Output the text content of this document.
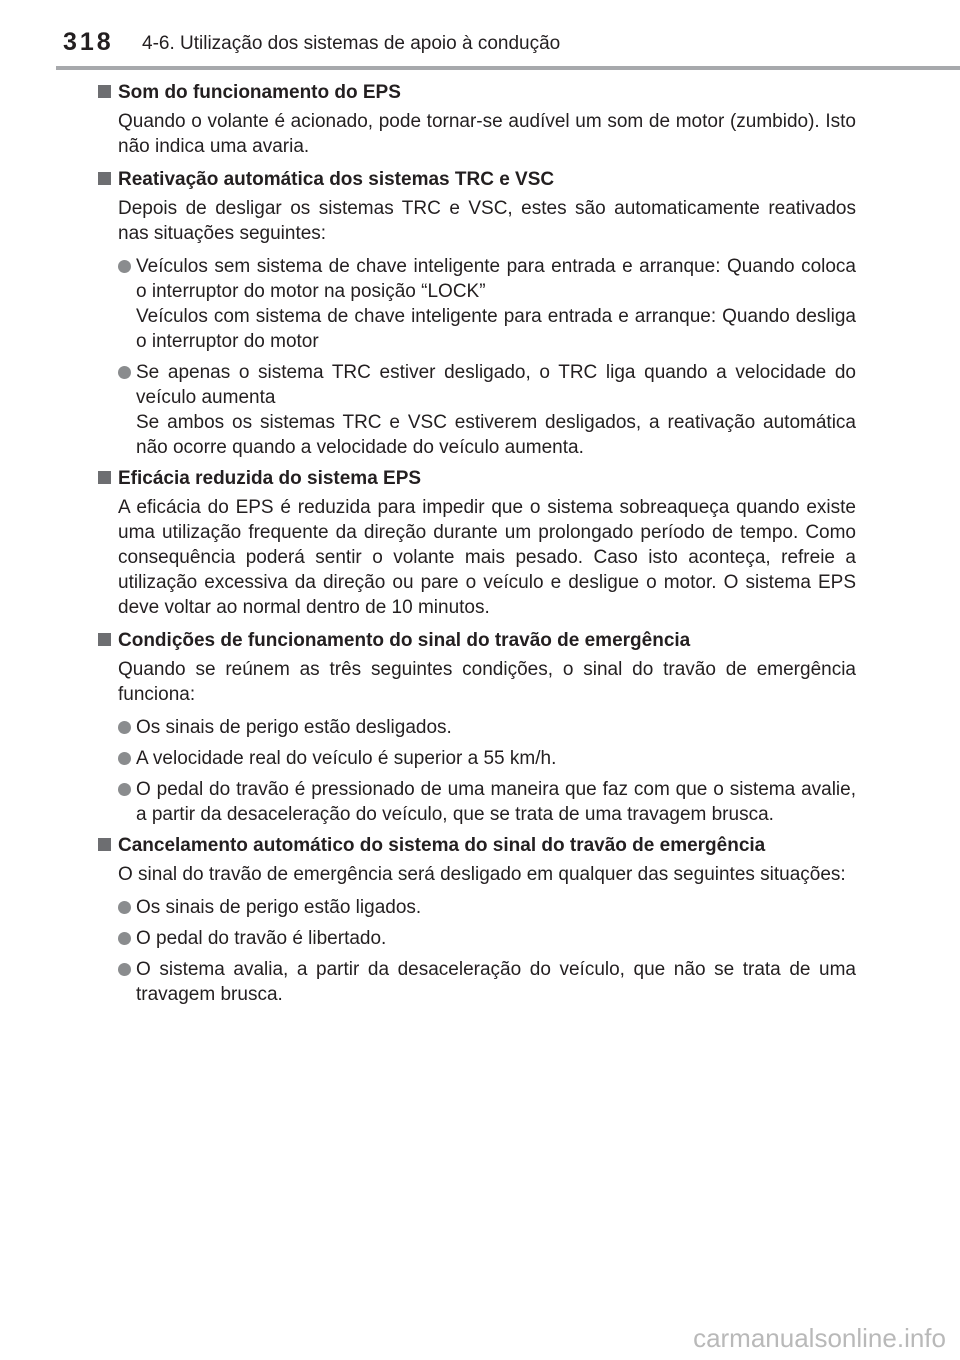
318 4-6. Utilização dos sistemas de apoio à condução
Som do funcionamento do EPS
Quando o volante é acionado, pode tornar-se audível um som de motor (zumbido). Isto não indica uma avaria.
Reativação automática dos sistemas TRC e VSC
Depois de desligar os sistemas TRC e VSC, estes são automaticamente reativados nas situações seguintes:
Veículos sem sistema de chave inteligente para entrada e arranque: Quando coloca o interruptor do motor na posição “LOCK”
Veículos com sistema de chave inteligente para entrada e arranque: Quando desliga o interruptor do motor
Se apenas o sistema TRC estiver desligado, o TRC liga quando a velocidade do veículo aumenta
Se ambos os sistemas TRC e VSC estiverem desligados, a reativação automática não ocorre quando a velocidade do veículo aumenta.
Eficácia reduzida do sistema EPS
A eficácia do EPS é reduzida para impedir que o sistema sobreaqueça quando existe uma utilização frequente da direção durante um prolongado período de tempo. Como consequência poderá sentir o volante mais pesado. Caso isto aconteça, refreie a utilização excessiva da direção ou pare o veículo e desligue o motor. O sistema EPS deve voltar ao normal dentro de 10 minutos.
Condições de funcionamento do sinal do travão de emergência
Quando se reúnem as três seguintes condições, o sinal do travão de emergência funciona:
Os sinais de perigo estão desligados.
A velocidade real do veículo é superior a 55 km/h.
O pedal do travão é pressionado de uma maneira que faz com que o sistema avalie, a partir da desaceleração do veículo, que se trata de uma travagem brusca.
Cancelamento automático do sistema do sinal do travão de emergência
O sinal do travão de emergência será desligado em qualquer das seguintes situações:
Os sinais de perigo estão ligados.
O pedal do travão é libertado.
O sistema avalia, a partir da desaceleração do veículo, que não se trata de uma travagem brusca.
carmanualsonline.info
